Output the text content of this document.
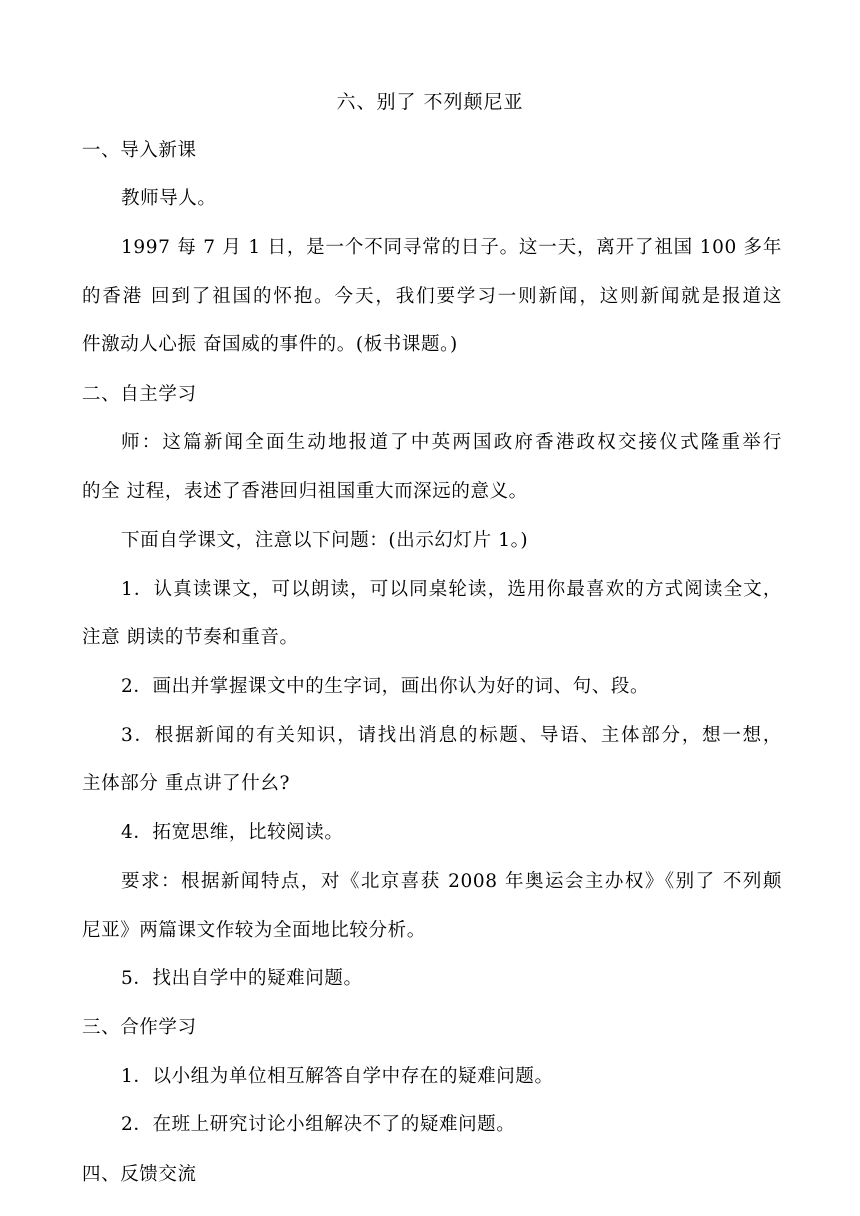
六、别了 不列颠尼亚
一、导入新课
教师导人。
1997 每 7 月 1 日，是一个不同寻常的日子。这一天，离开了祖国 100 多年
的香港 回到了祖国的怀抱。今天，我们要学习一则新闻，这则新闻就是报道这
件激动人心振 奋国威的事件的。(板书课题。)
二、自主学习
师：这篇新闻全面生动地报道了中英两国政府香港政权交接仪式隆重举行
的全 过程，表述了香港回归祖国重大而深远的意义。
下面自学课文，注意以下问题：(出示幻灯片 1。)
1．认真读课文，可以朗读，可以同桌轮读，选用你最喜欢的方式阅读全文，
注意 朗读的节奏和重音。
2．画出并掌握课文中的生字词，画出你认为好的词、句、段。
3．根据新闻的有关知识，请找出消息的标题、导语、主体部分，想一想，
主体部分 重点讲了什幺?
4．拓宽思维，比较阅读。
要求：根据新闻特点，对《北京喜获 2008 年奥运会主办权》《别了 不列颠
尼亚》两篇课文作较为全面地比较分析。
5．找出自学中的疑难问题。
三、合作学习
1．以小组为单位相互解答自学中存在的疑难问题。
2．在班上研究讨论小组解决不了的疑难问题。
四、反馈交流
